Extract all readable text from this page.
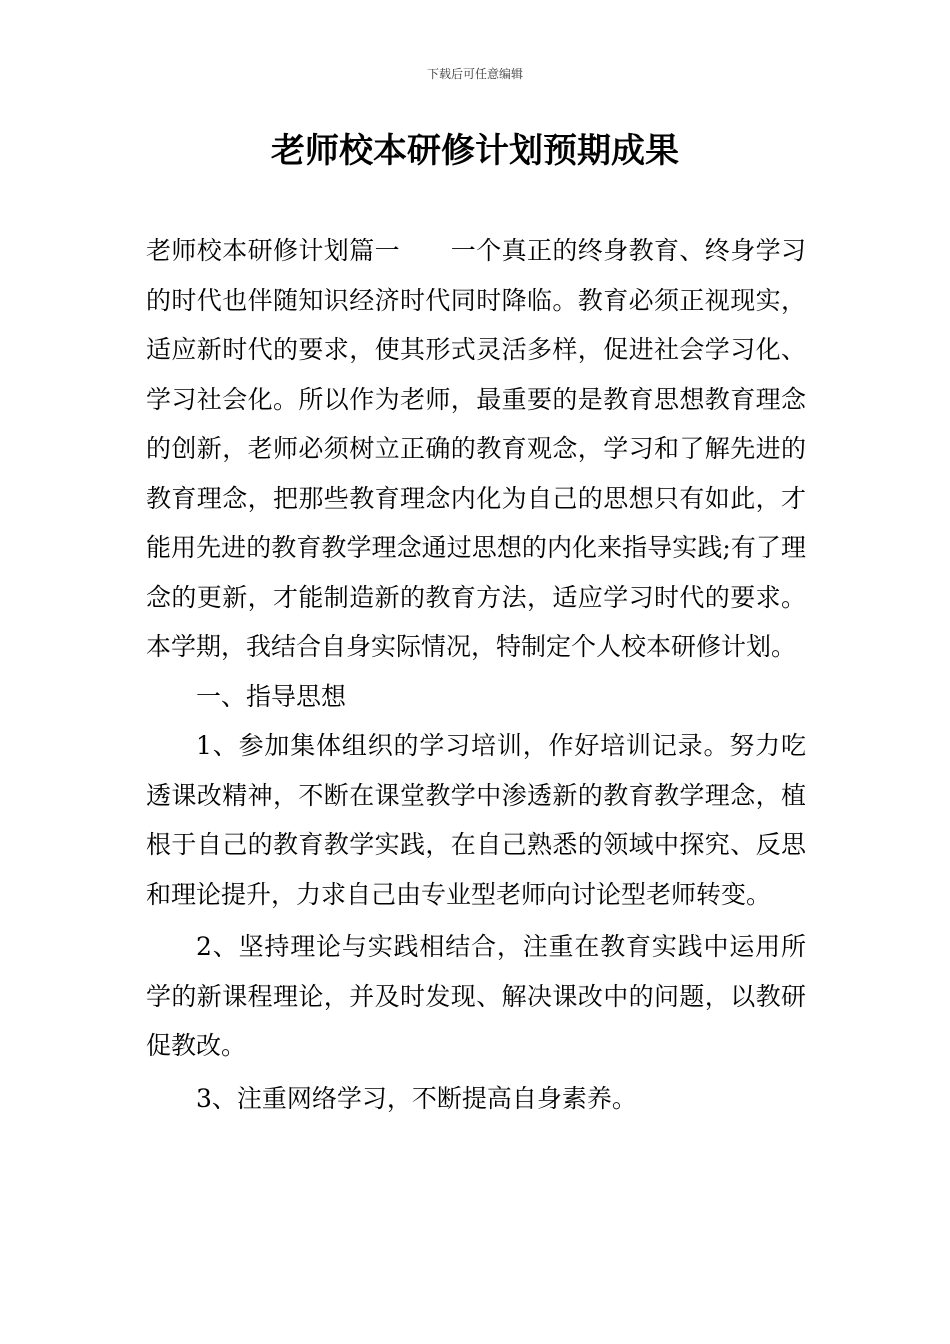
下载后可任意编辑
老师校本研修计划预期成果

老师校本研修计划篇一　　一个真正的终身教育、终身学习的时代也伴随知识经济时代同时降临。教育必须正视现实，适应新时代的要求，使其形式灵活多样，促进社会学习化、学习社会化。所以作为老师，最重要的是教育思想教育理念的创新，老师必须树立正确的教育观念，学习和了解先进的教育理念，把那些教育理念内化为自己的思想只有如此，才能用先进的教育教学理念通过思想的内化来指导实践;有了理念的更新，才能制造新的教育方法，适应学习时代的要求。 本学期，我结合自身实际情况，特制定个人校本研修计划。

一、指导思想

1、参加集体组织的学习培训，作好培训记录。努力吃透课改精神，不断在课堂教学中渗透新的教育教学理念，植根于自己的教育教学实践，在自己熟悉的领域中探究、反思和理论提升，力求自己由专业型老师向讨论型老师转变。

2、坚持理论与实践相结合，注重在教育实践中运用所学的新课程理论，并及时发现、解决课改中的问题，以教研促教改。

3、注重网络学习，不断提高自身素养。
